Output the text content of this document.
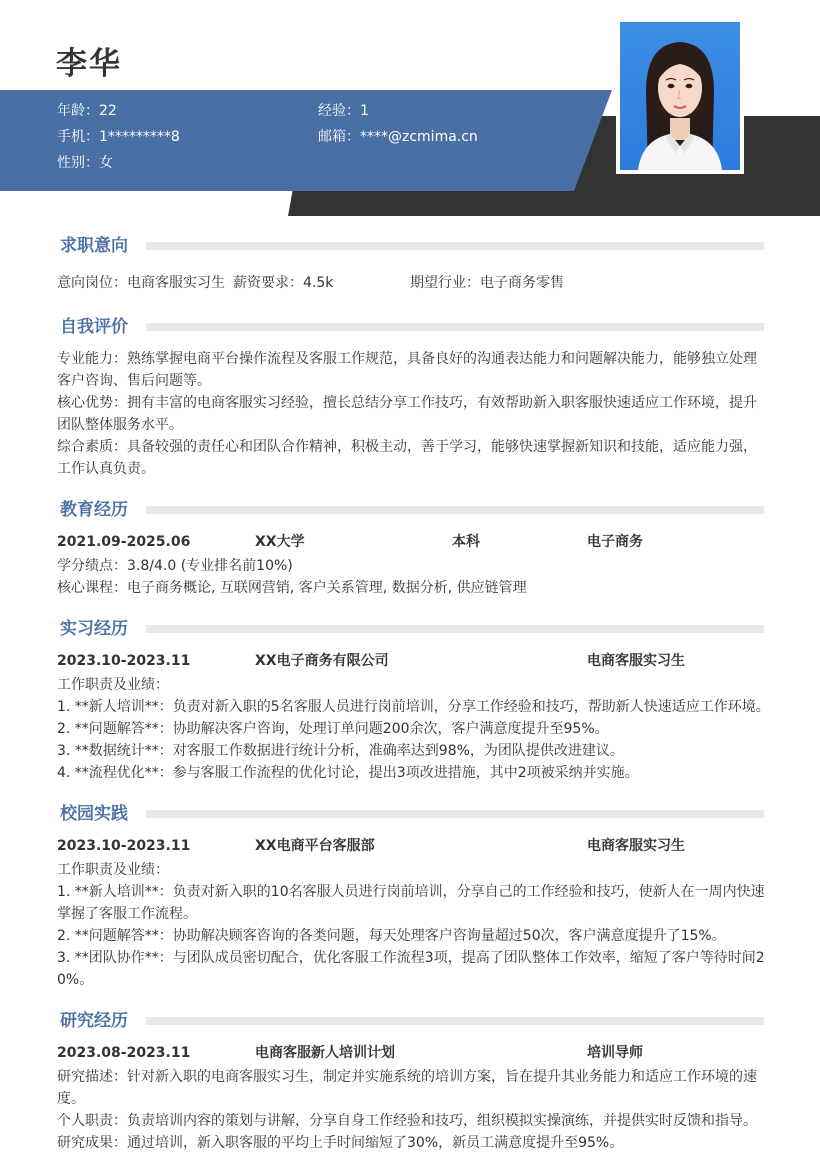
李华
年龄：22	经验：1
手机：1*********8	邮箱：****@zcmima.cn
性别：女
求职意向
意向岗位：电商客服实习生 薪资要求：4.5k	期望行业：电子商务零售
自我评价
专业能力：熟练掌握电商平台操作流程及客服工作规范，具备良好的沟通表达能力和问题解决能力，能够独立处理客户咨询、售后问题等。
核心优势：拥有丰富的电商客服实习经验，擅长总结分享工作技巧，有效帮助新入职客服快速适应工作环境，提升团队整体服务水平。
综合素质：具备较强的责任心和团队合作精神，积极主动，善于学习，能够快速掌握新知识和技能，适应能力强，工作认真负责。
教育经历
2021.09-2025.06	XX大学	本科	电子商务
学分绩点：3.8/4.0 (专业排名前10%)
核心课程：电子商务概论, 互联网营销, 客户关系管理, 数据分析, 供应链管理
实习经历
2023.10-2023.11	XX电子商务有限公司	电商客服实习生
工作职责及业绩：
1. **新人培训**：负责对新入职的5名客服人员进行岗前培训，分享工作经验和技巧，帮助新人快速适应工作环境。
2. **问题解答**：协助解决客户咨询，处理订单问题200余次，客户满意度提升至95%。
3. **数据统计**：对客服工作数据进行统计分析，准确率达到98%，为团队提供改进建议。
4. **流程优化**：参与客服工作流程的优化讨论，提出3项改进措施，其中2项被采纳并实施。
校园实践
2023.10-2023.11	XX电商平台客服部	电商客服实习生
工作职责及业绩：
1. **新人培训**：负责对新入职的10名客服人员进行岗前培训，分享自己的工作经验和技巧，使新人在一周内快速掌握了客服工作流程。
2. **问题解答**：协助解决顾客咨询的各类问题，每天处理客户咨询量超过50次，客户满意度提升了15%。
3. **团队协作**：与团队成员密切配合，优化客服工作流程3项，提高了团队整体工作效率，缩短了客户等待时间20%。
研究经历
2023.08-2023.11	电商客服新人培训计划	培训导师
研究描述：针对新入职的电商客服实习生，制定并实施系统的培训方案，旨在提升其业务能力和适应工作环境的速度。
个人职责：负责培训内容的策划与讲解，分享自身工作经验和技巧，组织模拟实操演练，并提供实时反馈和指导。
研究成果：通过培训，新入职客服的平均上手时间缩短了30%，新员工满意度提升至95%。
